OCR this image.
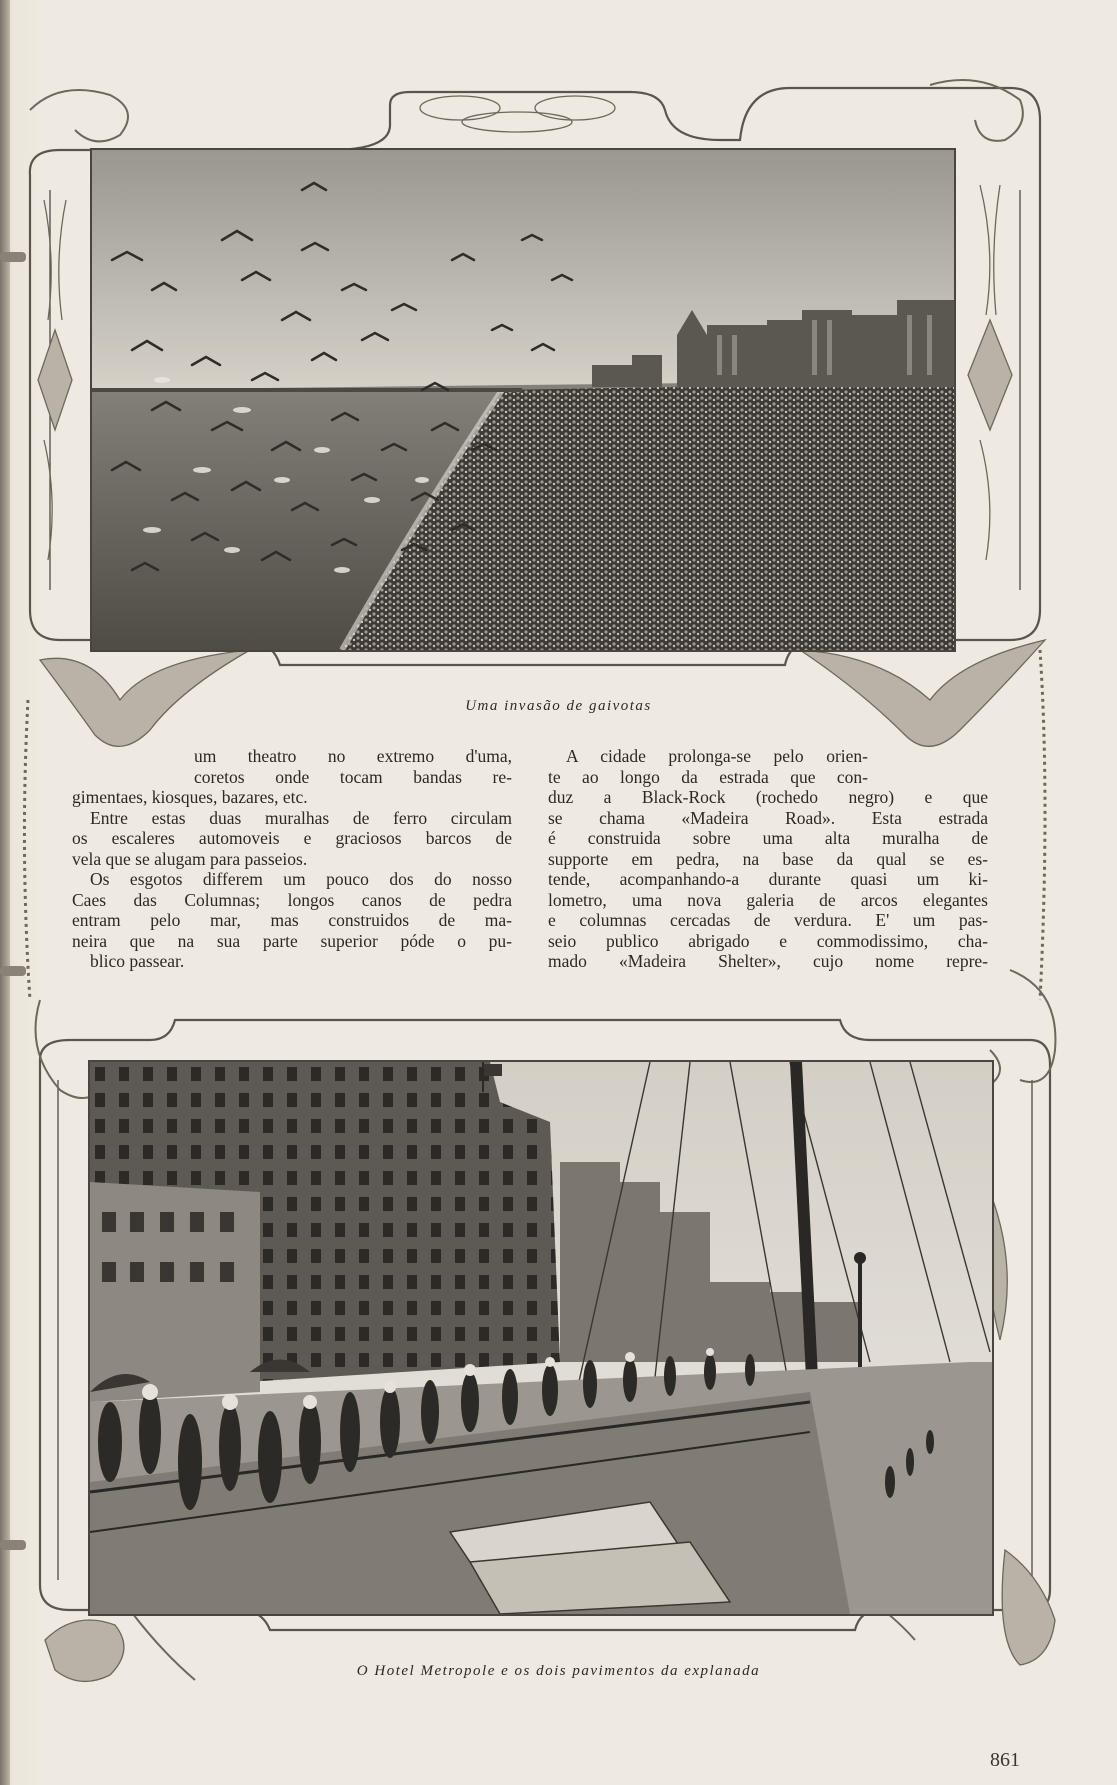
Uma invasão de gaivotas
um theatro no extremo d'uma,
coretos onde tocam bandas re-
gimentaes, kiosques, bazares, etc.
Entre estas duas muralhas de ferro circulam
os escaleres automoveis e graciosos barcos de
vela que se alugam para passeios.
Os esgotos differem um pouco dos do nosso
Caes das Columnas; longos canos de pedra
entram pelo mar, mas construidos de ma-
neira que na sua parte superior póde o pu-
blico passear.
A cidade prolonga-se pelo orien-
te ao longo da estrada que con-
duz a Black-Rock (rochedo negro) e que
se chama «Madeira Road». Esta estrada
é construida sobre uma alta muralha de
supporte em pedra, na base da qual se es-
tende, acompanhando-a durante quasi um ki-
lometro, uma nova galeria de arcos elegantes
e columnas cercadas de verdura. E' um pas-
seio publico abrigado e commodissimo, cha-
mado «Madeira Shelter», cujo nome repre-
O Hotel Metropole e os dois pavimentos da explanada
861
